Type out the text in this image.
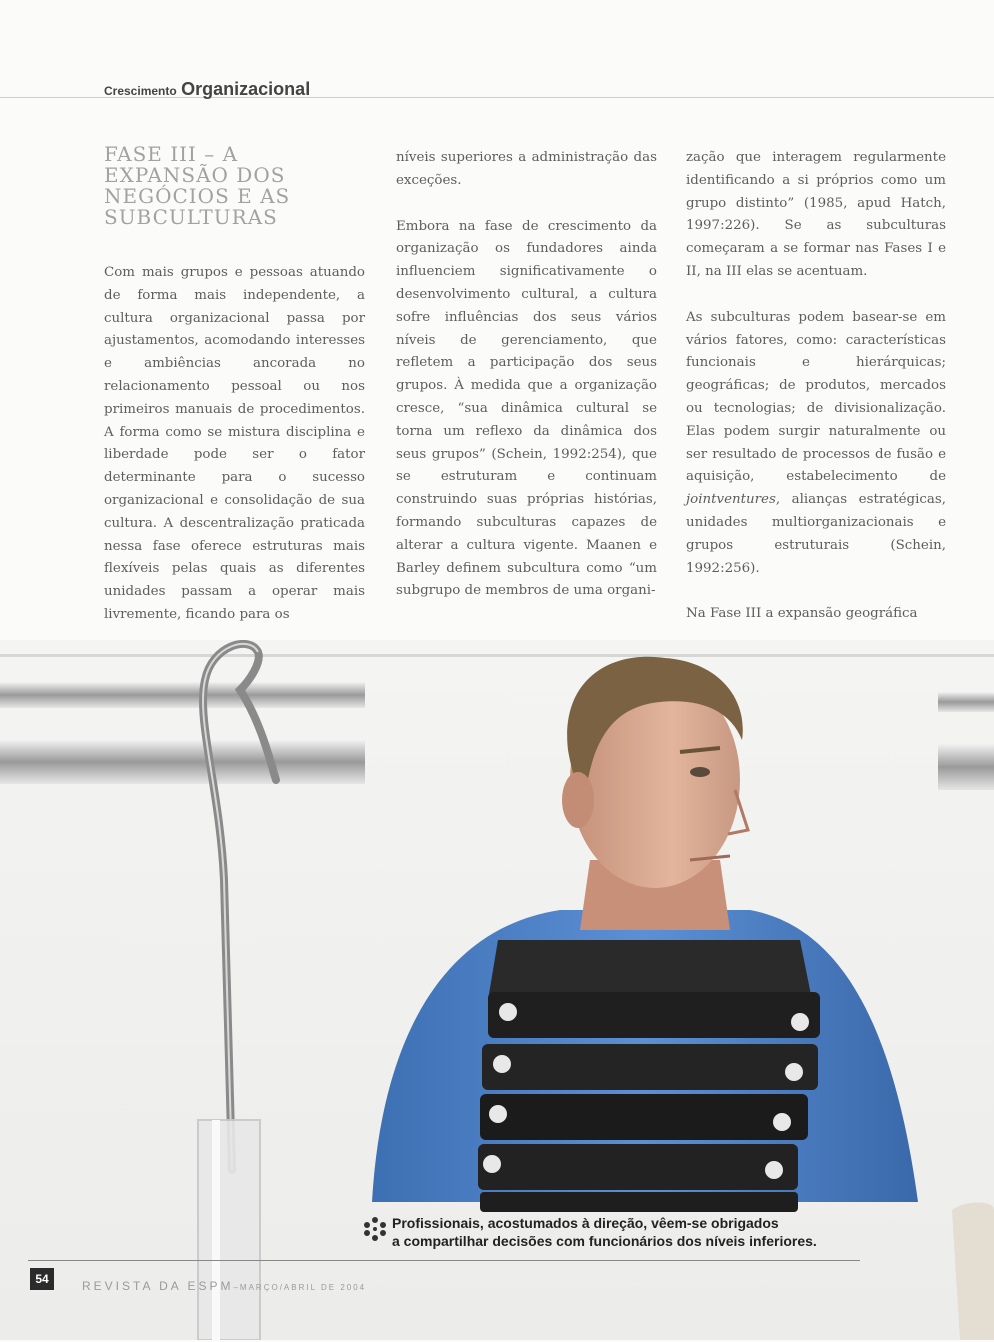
Crescimento Organizacional
FASE III – A EXPANSÃO DOS NEGÓCIOS E AS SUBCULTURAS

Com mais grupos e pessoas atuando de forma mais independente, a cultura organizacional passa por ajustamentos, acomodando interesses e ambiências ancorada no relacionamento pessoal ou nos primeiros manuais de procedimentos. A forma como se mistura disciplina e liberdade pode ser o fator determinante para o sucesso organizacional e consolidação de sua cultura. A descentralização praticada nessa fase oferece estruturas mais flexíveis pelas quais as diferentes unidades passam a operar mais livremente, ficando para os

níveis superiores a administração das exceções.

Embora na fase de crescimento da organização os fundadores ainda influenciem significativamente o desenvolvimento cultural, a cultura sofre influências dos seus vários níveis de gerenciamento, que refletem a participação dos seus grupos. À medida que a organização cresce, “sua dinâmica cultural se torna um reflexo da dinâmica dos seus grupos” (Schein, 1992:254), que se estruturam e continuam construindo suas próprias histórias, formando subculturas capazes de alterar a cultura vigente. Maanen e Barley definem subcultura como “um subgrupo de membros de uma organi-

zação que interagem regularmente identificando a si próprios como um grupo distinto” (1985, apud Hatch, 1997:226). Se as subculturas começaram a se formar nas Fases I e II, na III elas se acentuam.

As subculturas podem basear-se em vários fatores, como: características funcionais e hierárquicas; geográficas; de produtos, mercados ou tecnologias; de divisionalização. Elas podem surgir naturalmente ou ser resultado de processos de fusão e aquisição, estabelecimento de jointventures, alianças estratégicas, unidades multiorganizacionais e grupos estruturais (Schein, 1992:256).

Na Fase III a expansão geográfica

Profissionais, acostumados à direção, vêem-se obrigados
a compartilhar decisões com funcionários dos níveis inferiores.
54	REVISTA DA ESPM–MARÇO/ABRIL DE 2004
